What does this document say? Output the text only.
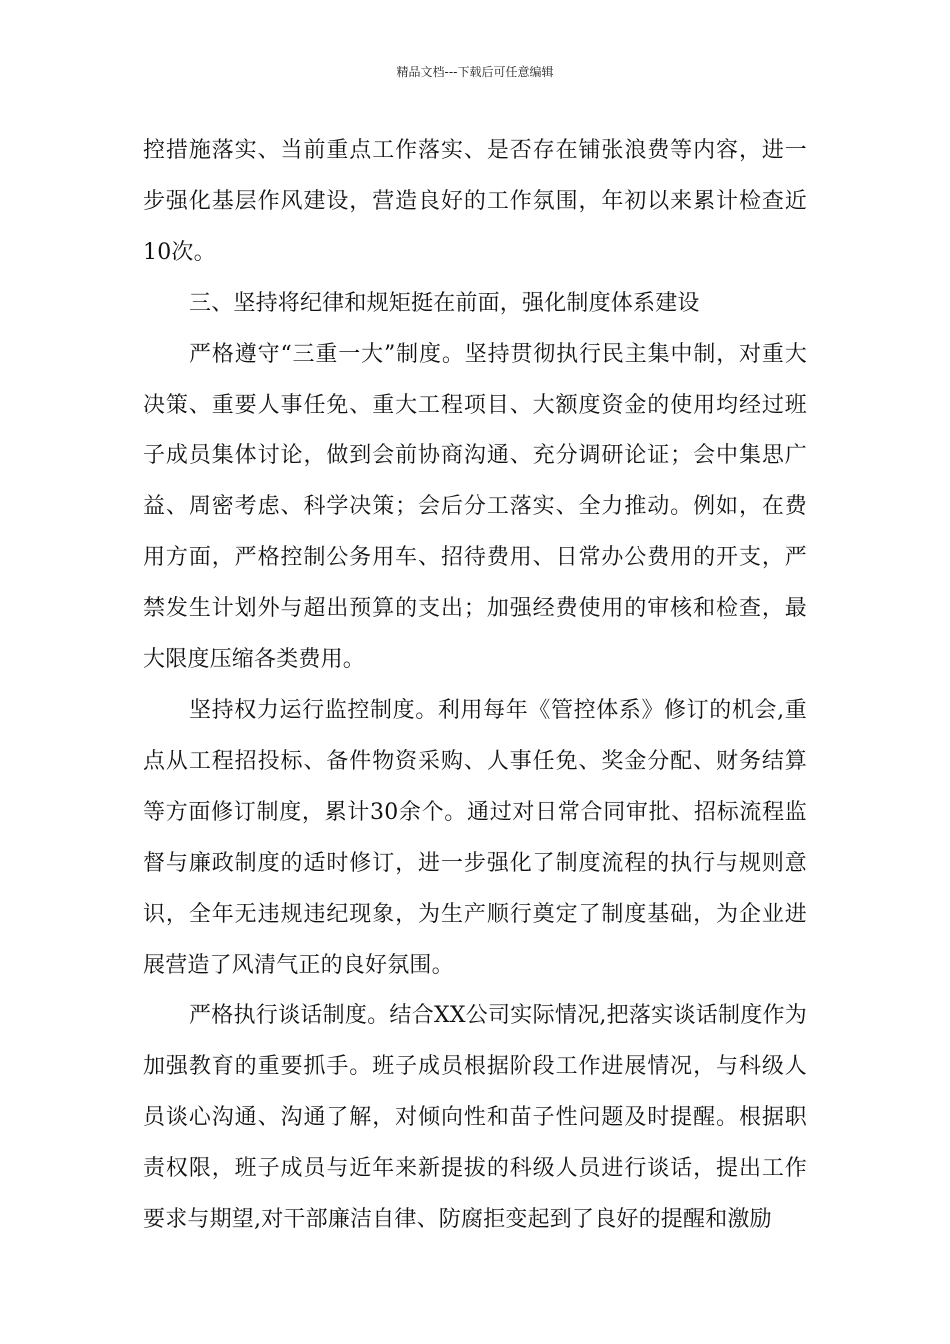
精品文档---下载后可任意编辑

控措施落实、当前重点工作落实、是否存在铺张浪费等内容，进一步强化基层作风建设，营造良好的工作氛围，年初以来累计检查近10次。

三、坚持将纪律和规矩挺在前面，强化制度体系建设

严格遵守“三重一大”制度。坚持贯彻执行民主集中制，对重大决策、重要人事任免、重大工程项目、大额度资金的使用均经过班子成员集体讨论，做到会前协商沟通、充分调研论证；会中集思广益、周密考虑、科学决策；会后分工落实、全力推动。例如，在费用方面，严格控制公务用车、招待费用、日常办公费用的开支，严禁发生计划外与超出预算的支出；加强经费使用的审核和检查，最大限度压缩各类费用。

坚持权力运行监控制度。利用每年《管控体系》修订的机会,重点从工程招投标、备件物资采购、人事任免、奖金分配、财务结算等方面修订制度，累计30余个。通过对日常合同审批、招标流程监督与廉政制度的适时修订，进一步强化了制度流程的执行与规则意识，全年无违规违纪现象，为生产顺行奠定了制度基础，为企业进展营造了风清气正的良好氛围。

严格执行谈话制度。结合XX公司实际情况,把落实谈话制度作为加强教育的重要抓手。班子成员根据阶段工作进展情况，与科级人员谈心沟通、沟通了解，对倾向性和苗子性问题及时提醒。根据职责权限，班子成员与近年来新提拔的科级人员进行谈话，提出工作要求与期望,对干部廉洁自律、防腐拒变起到了良好的提醒和激励
